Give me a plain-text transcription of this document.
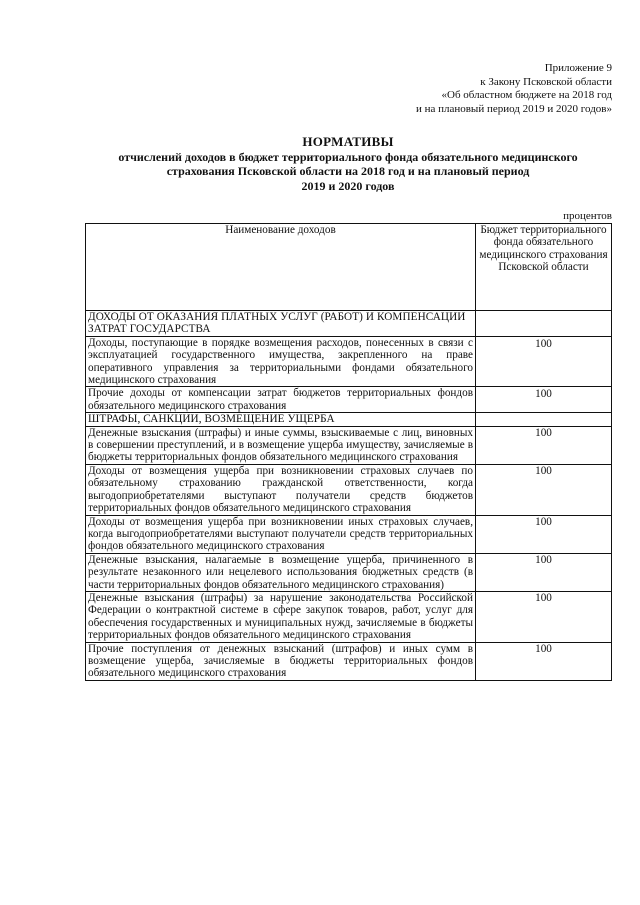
Приложение 9
к Закону Псковской области
«Об областном бюджете на 2018 год
и на плановый период 2019 и 2020 годов»
НОРМАТИВЫ
отчислений доходов в бюджет территориального фонда обязательного медицинского
страхования Псковской области на 2018 год и на плановый период
2019 и 2020 годов
процентов
Наименование доходов	Бюджет территориального фонда обязательного медицинского страхования Псковской области
ДОХОДЫ ОТ ОКАЗАНИЯ ПЛАТНЫХ УСЛУГ (РАБОТ) И КОМПЕНСАЦИИ ЗАТРАТ ГОСУДАРСТВА	
Доходы, поступающие в порядке возмещения расходов, понесенных в связи с эксплуатацией государственного имущества, закрепленного на праве оперативного управления за территориальными фондами обязательного медицинского страхования	100
Прочие доходы от компенсации затрат бюджетов территориальных фондов обязательного медицинского страхования	100
ШТРАФЫ, САНКЦИИ, ВОЗМЕЩЕНИЕ УЩЕРБА	
Денежные взыскания (штрафы) и иные суммы, взыскиваемые с лиц, виновных в совершении преступлений, и в возмещение ущерба имуществу, зачисляемые в бюджеты территориальных фондов обязательного медицинского страхования	100
Доходы от возмещения ущерба при возникновении страховых случаев по обязательному страхованию гражданской ответственности, когда выгодоприобретателями выступают получатели средств бюджетов территориальных фондов обязательного медицинского страхования	100
Доходы от возмещения ущерба при возникновении иных страховых случаев, когда выгодоприобретателями выступают получатели средств территориальных фондов обязательного медицинского страхования	100
Денежные взыскания, налагаемые в возмещение ущерба, причиненного в результате незаконного или нецелевого использования бюджетных средств (в части территориальных фондов обязательного медицинского страхования)	100
Денежные взыскания (штрафы) за нарушение законодательства Российской Федерации о контрактной системе в сфере закупок товаров, работ, услуг для обеспечения государственных и муниципальных нужд, зачисляемые в бюджеты территориальных фондов обязательного медицинского страхования	100
Прочие поступления от денежных взысканий (штрафов) и иных сумм в возмещение ущерба, зачисляемые в бюджеты территориальных фондов обязательного медицинского страхования	100
